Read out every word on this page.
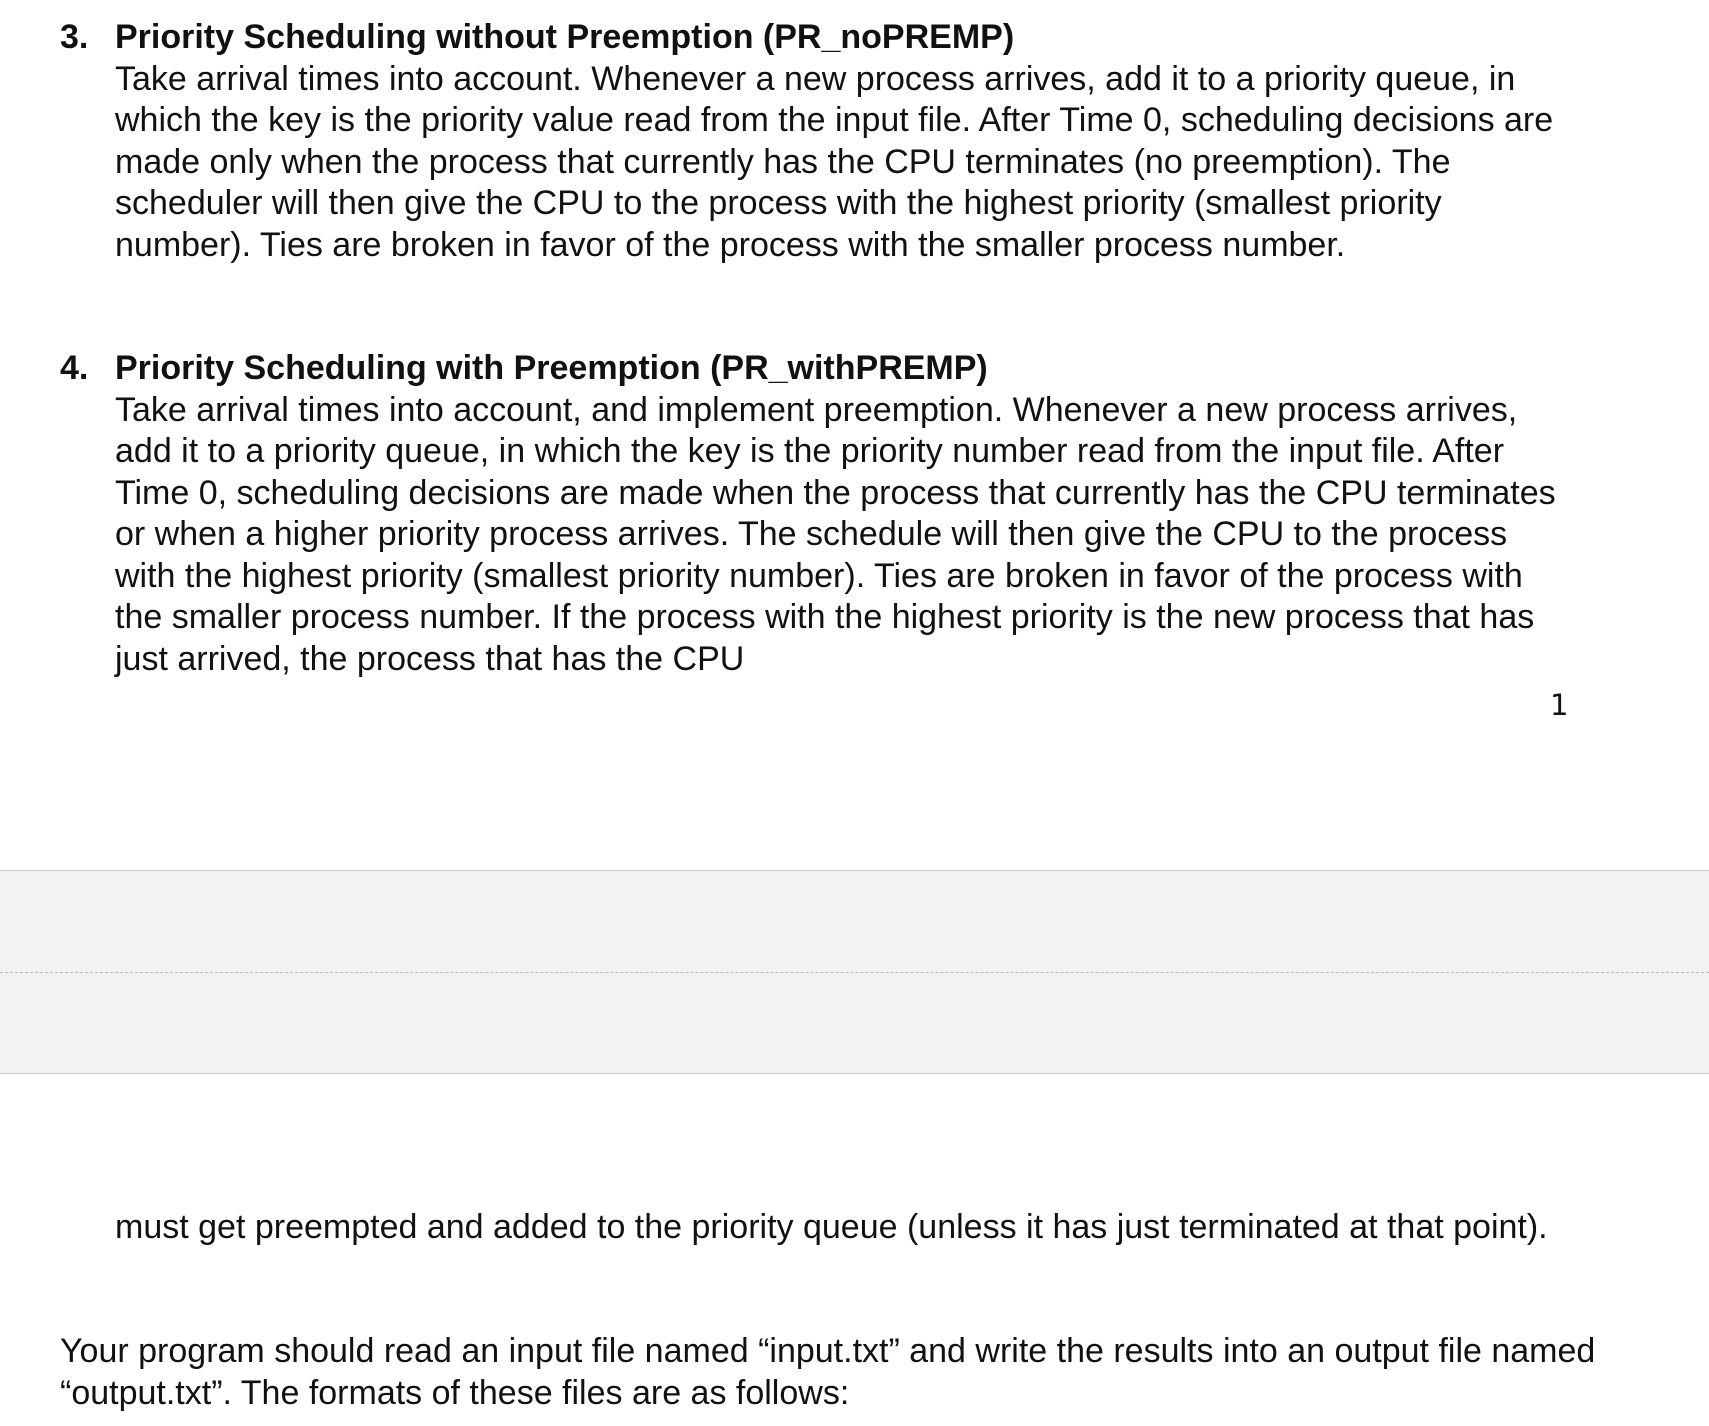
3. Priority Scheduling without Preemption (PR_noPREMP)
Take arrival times into account. Whenever a new process arrives, add it to a priority queue, in which the key is the priority value read from the input file. After Time 0, scheduling decisions are made only when the process that currently has the CPU terminates (no preemption). The scheduler will then give the CPU to the process with the highest priority (smallest priority number). Ties are broken in favor of the process with the smaller process number.
4. Priority Scheduling with Preemption (PR_withPREMP)
Take arrival times into account, and implement preemption. Whenever a new process arrives, add it to a priority queue, in which the key is the priority number read from the input file. After Time 0, scheduling decisions are made when the process that currently has the CPU terminates or when a higher priority process arrives. The schedule will then give the CPU to the process with the highest priority (smallest priority number). Ties are broken in favor of the process with the smaller process number. If the process with the highest priority is the new process that has just arrived, the process that has the CPU
1
must get preempted and added to the priority queue (unless it has just terminated at that point).
Your program should read an input file named “input.txt” and write the results into an output file named “output.txt”. The formats of these files are as follows:
